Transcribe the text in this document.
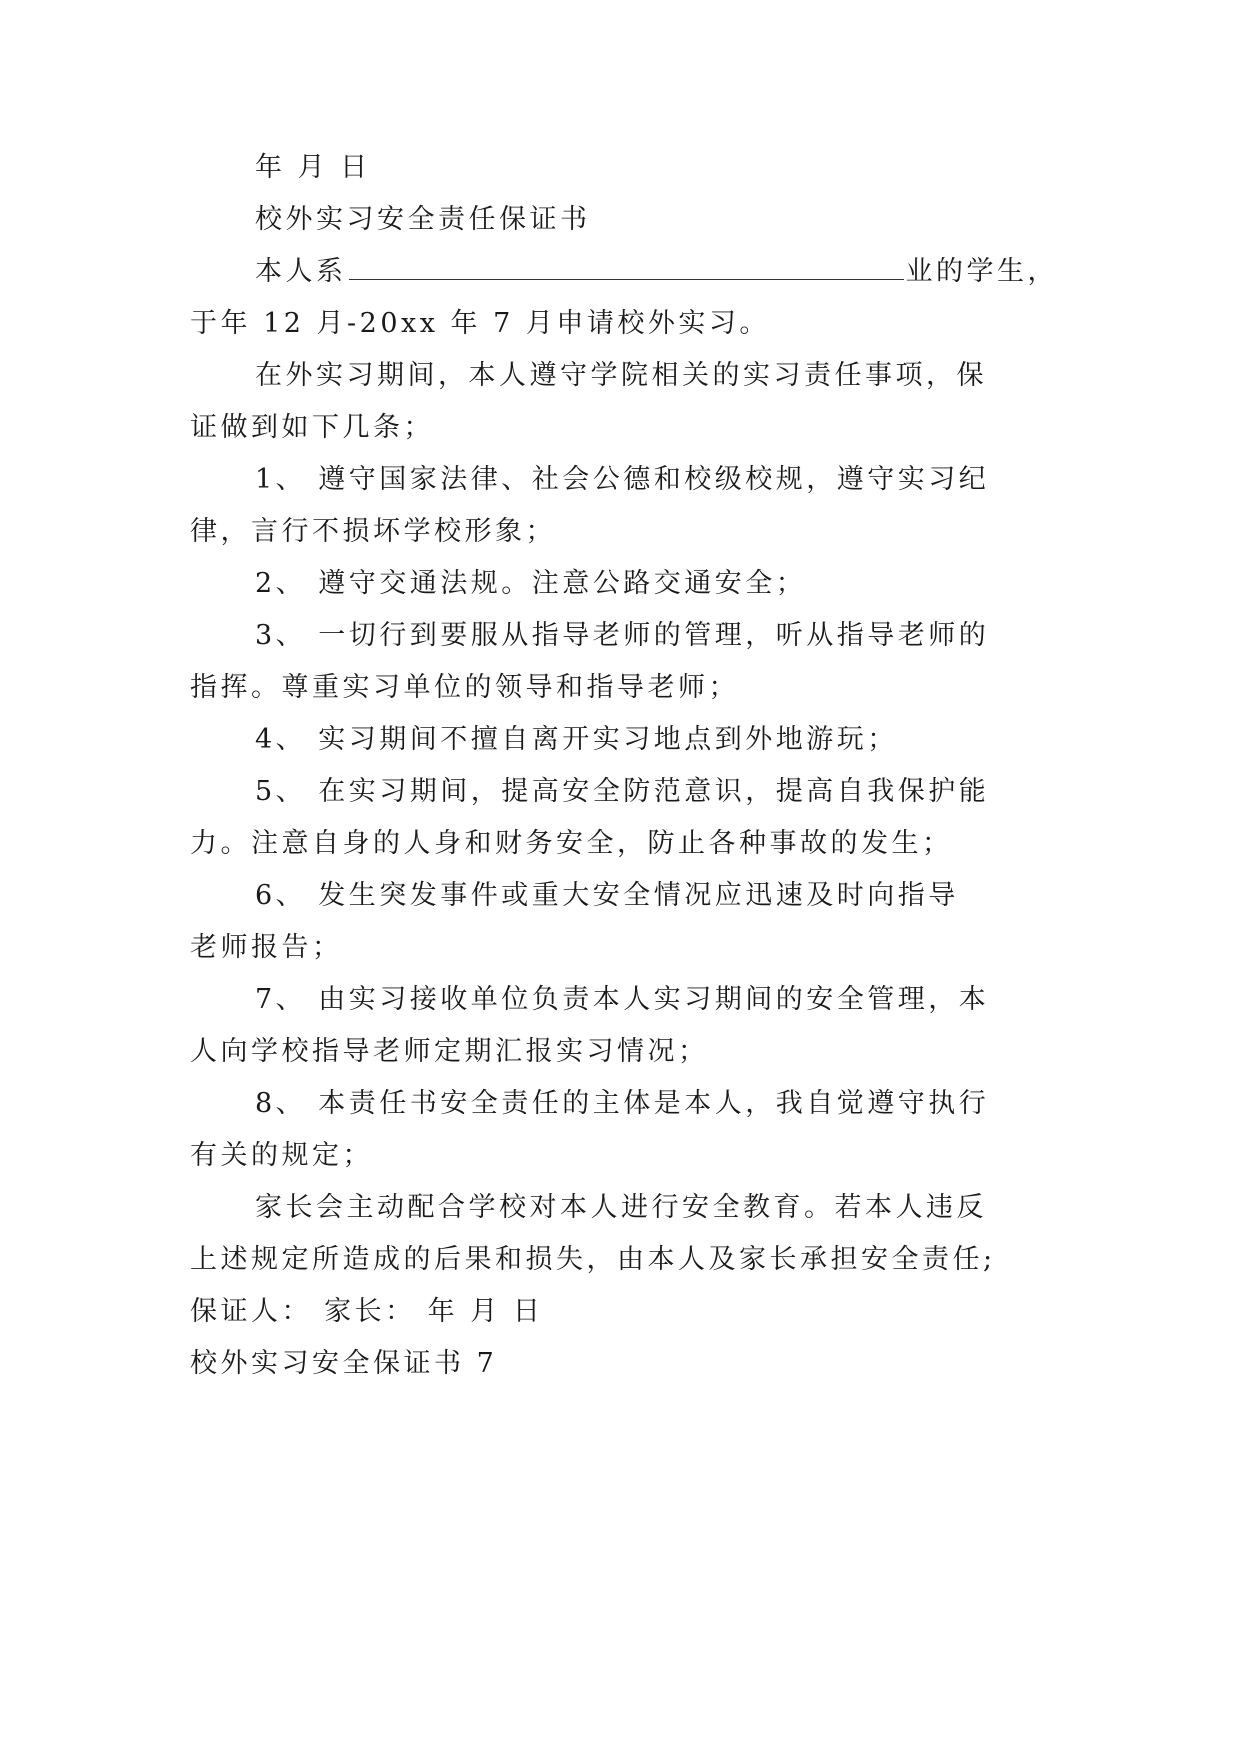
年 月 日
校外实习安全责任保证书
本人系	业的学生，
于年 12 月-20xx 年 7 月申请校外实习。
在外实习期间，本人遵守学院相关的实习责任事项，保
证做到如下几条；
1、 遵守国家法律、社会公德和校级校规，遵守实习纪
律，言行不损坏学校形象；
2、 遵守交通法规。注意公路交通安全；
3、 一切行到要服从指导老师的管理，听从指导老师的
指挥。尊重实习单位的领导和指导老师；
4、 实习期间不擅自离开实习地点到外地游玩；
5、 在实习期间，提高安全防范意识，提高自我保护能
力。注意自身的人身和财务安全，防止各种事故的发生；
6、 发生突发事件或重大安全情况应迅速及时向指导
老师报告；
7、 由实习接收单位负责本人实习期间的安全管理，本
人向学校指导老师定期汇报实习情况；
8、 本责任书安全责任的主体是本人，我自觉遵守执行
有关的规定；
家长会主动配合学校对本人进行安全教育。若本人违反
上述规定所造成的后果和损失，由本人及家长承担安全责任;
保证人： 家长： 年 月 日
校外实习安全保证书 7
